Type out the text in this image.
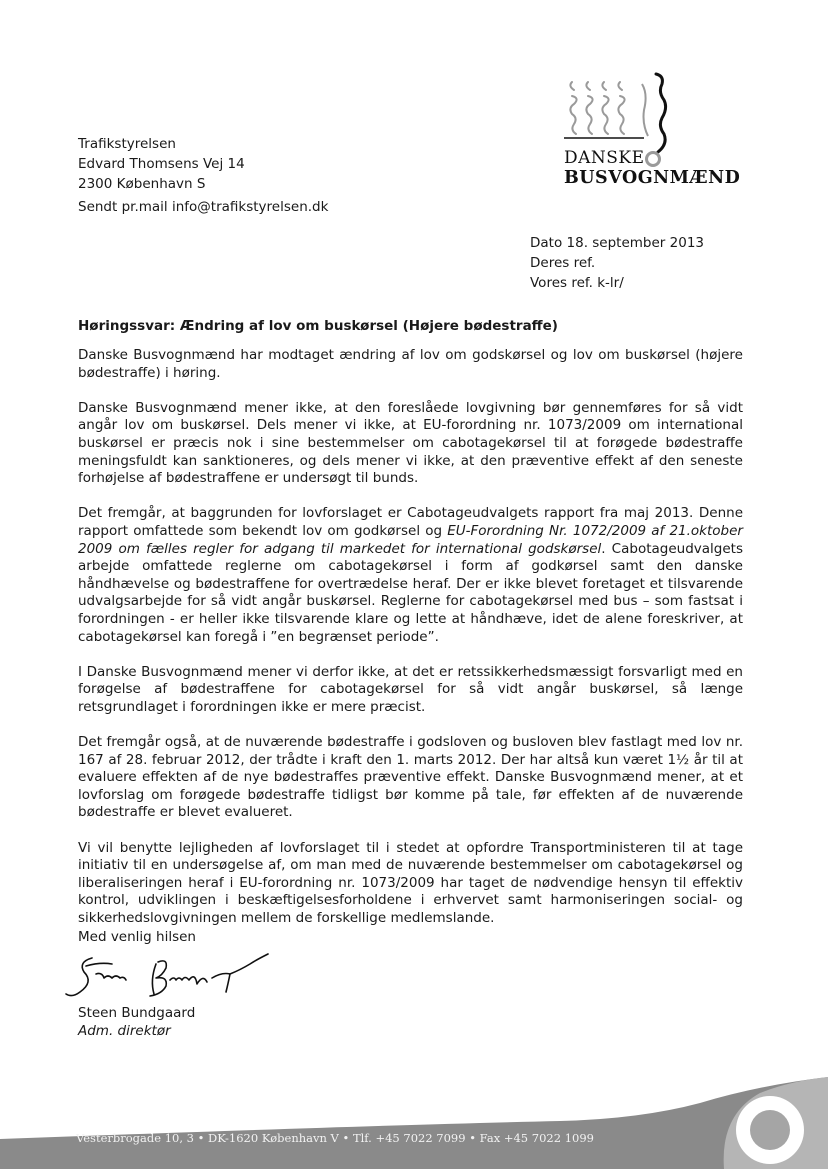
DANSKE
BUSVOGNMÆND
Trafikstyrelsen
Edvard Thomsens Vej 14
2300 København S
Sendt pr.mail info@trafikstyrelsen.dk
Dato 18. september 2013
Deres ref.
Vores ref. k-lr/
Høringssvar: Ændring af lov om buskørsel (Højere bødestraffe)

Danske Busvognmænd har modtaget ændring af lov om godskørsel og lov om buskørsel (højere bødestraffe) i høring.

Danske Busvognmænd mener ikke, at den foreslåede lovgivning bør gennemføres for så vidt angår lov om buskørsel. Dels mener vi ikke, at EU-forordning nr. 1073/2009 om international buskørsel er præcis nok i sine bestemmelser om cabotagekørsel til at forøgede bødestraffe meningsfuldt kan sanktioneres, og dels mener vi ikke, at den præventive effekt af den seneste forhøjelse af bødestraffene er undersøgt til bunds.

Det fremgår, at baggrunden for lovforslaget er Cabotageudvalgets rapport fra maj 2013. Denne rapport omfattede som bekendt lov om godkørsel og EU-Forordning Nr. 1072/2009 af 21.oktober 2009 om fælles regler for adgang til markedet for international godskørsel. Cabotageudvalgets arbejde omfattede reglerne om cabotagekørsel i form af godkørsel samt den danske håndhævelse og bødestraffene for overtrædelse heraf. Der er ikke blevet foretaget et tilsvarende udvalgsarbejde for så vidt angår buskørsel. Reglerne for cabotagekørsel med bus – som fastsat i forordningen - er heller ikke tilsvarende klare og lette at håndhæve, idet de alene foreskriver, at cabotagekørsel kan foregå i ”en begrænset periode”.

I Danske Busvognmænd mener vi derfor ikke, at det er retssikkerhedsmæssigt forsvarligt med en forøgelse af bødestraffene for cabotagekørsel for så vidt angår buskørsel, så længe retsgrundlaget i forordningen ikke er mere præcist.

Det fremgår også, at de nuværende bødestraffe i godsloven og busloven blev fastlagt med lov nr. 167 af 28. februar 2012, der trådte i kraft den 1. marts 2012. Der har altså kun været 1½ år til at evaluere effekten af de nye bødestraffes præventive effekt. Danske Busvognmænd mener, at et lovforslag om forøgede bødestraffe tidligst bør komme på tale, før effekten af de nuværende bødestraffe er blevet evalueret.

Vi vil benytte lejligheden af lovforslaget til i stedet at opfordre Transportministeren til at tage initiativ til en undersøgelse af, om man med de nuværende bestemmelser om cabotagekørsel og liberaliseringen heraf i EU-forordning nr. 1073/2009 har taget de nødvendige hensyn til effektiv kontrol, udviklingen i beskæftigelsesforholdene i erhvervet samt harmoniseringen social- og sikkerhedslovgivningen mellem de forskellige medlemslande.

Med venlig hilsen
Steen Bundgaard
Adm. direktør
Vesterbrogade 10, 3 • DK-1620 København V • Tlf. +45 7022 7099 • Fax +45 7022 1099
